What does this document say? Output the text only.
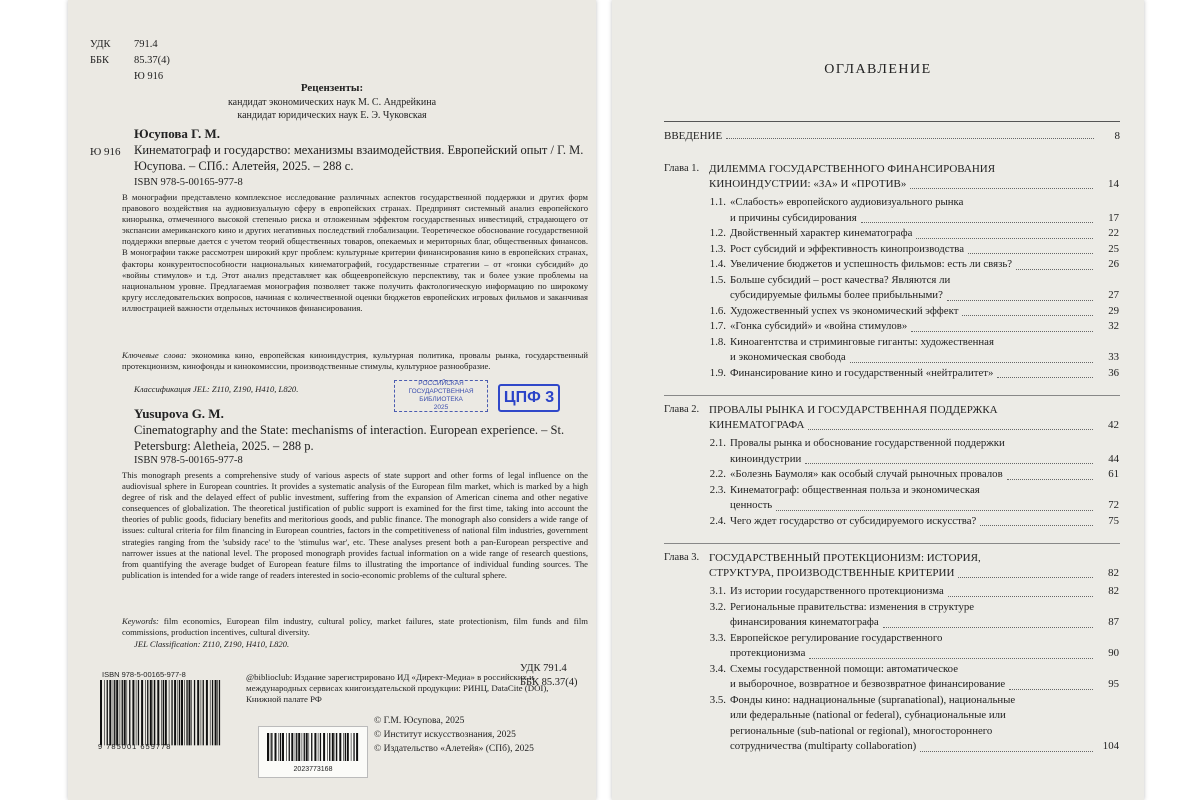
УДК	791.4
ББК	85.37(4)
Ю 916
Рецензенты:
кандидат экономических наук М. С. Андрейкина
кандидат юридических наук Е. Э. Чуковская
Юсупова Г. М.
Ю 916 Кинематограф и государство: механизмы взаимодействия. Европейский опыт / Г. М. Юсупова. – СПб.: Алетейя, 2025. – 288 с.
ISBN 978-5-00165-977-8
В монографии представлено комплексное исследование различных аспектов государственной поддержки и других форм правового воздействия на аудиовизуальную сферу в европейских странах. Предпринят системный анализ европейского кинорынка, отмеченного высокой степенью риска и отложенным эффектом государственных инвестиций, страдающего от экспансии американского кино и других негативных последствий глобализации. Теоретическое обоснование государственной поддержки впервые дается с учетом теорий общественных товаров, опекаемых и мериторных благ, общественных финансов. В монографии также рассмотрен широкий круг проблем: культурные критерии финансирования кино в европейских странах, факторы конкурентоспособности национальных кинематографий, государственные стратегии – от «гонки субсидий» до «войны стимулов» и т.д. Этот анализ представляет как общеевропейскую перспективу, так и более узкие проблемы на национальном уровне. Предлагаемая монография позволяет также получить фактологическую информацию по широкому кругу исследовательских вопросов, начиная с количественной оценки бюджетов европейских игровых фильмов и заканчивая иллюстрацией важности отдельных источников финансирования.
Ключевые слова: экономика кино, европейская киноиндустрия, культурная политика, провалы рынка, государственный протекционизм, кинофонды и кинокомиссии, производственные стимулы, культурное разнообразие.
Классификация JEL: Z110, Z190, H410, L820.
РОССИЙСКАЯ
ГОСУДАРСТВЕННАЯ
БИБЛИОТЕКА
2025
ЦПФ 3
Yusupova G. M.
Cinematography and the State: mechanisms of interaction. European experience. – St. Petersburg: Aletheia, 2025. – 288 p.
ISBN 978-5-00165-977-8
This monograph presents a comprehensive study of various aspects of state support and other forms of legal influence on the audiovisual sphere in European countries. It provides a systematic analysis of the European film market, which is marked by a high degree of risk and the delayed effect of public investment, suffering from the expansion of American cinema and other negative consequences of globalization. The theoretical justification of public support is examined for the first time, taking into account the theories of public goods, fiduciary benefits and meritorious goods, and public finance. The monograph also considers a wide range of issues: cultural criteria for film financing in European countries, factors in the competitiveness of national film industries, government strategies ranging from the 'subsidy race' to the 'stimulus war', etc. These analyses present both a pan-European perspective and narrower issues at the national level. The proposed monograph provides factual information on a wide range of research questions, from quantifying the average budget of European feature films to illustrating the importance of individual funding sources. The publication is intended for a wide range of readers interested in socio-economic problems of the cultural sphere.
Keywords: film economics, European film industry, cultural policy, market failures, state protectionism, film funds and film commissions, production incentives, cultural diversity.
JEL Classification: Z110, Z190, H410, L820.
УДК 791.4
ББК 85.37(4)
ISBN 978-5-00165-977-8
9 785001 659778
@biblioclub: Издание зарегистрировано ИД «Директ-Медиа» в российских и международных сервисах книгоиздательской продукции: РИНЦ, DataCite (DOI), Книжной палате РФ
© Г.М. Юсупова, 2025
© Институт искусствознания, 2025
© Издательство «Алетейя» (СПб), 2025
2023773168
ОГЛАВЛЕНИЕ
ВВЕДЕНИЕ	8
Глава 1. ДИЛЕММА ГОСУДАРСТВЕННОГО ФИНАНСИРОВАНИЯ
КИНОИНДУСТРИИ: «ЗА» И «ПРОТИВ»	14
1.1. «Слабость» европейского аудиовизуального рынка
и причины субсидирования	17
1.2. Двойственный характер кинематографа	22
1.3. Рост субсидий и эффективность кинопроизводства	25
1.4. Увеличение бюджетов и успешность фильмов: есть ли связь?	26
1.5. Больше субсидий – рост качества? Являются ли
субсидируемые фильмы более прибыльными?	27
1.6. Художественный успех vs экономический эффект	29
1.7. «Гонка субсидий» и «война стимулов»	32
1.8. Киноагентства и стриминговые гиганты: художественная
и экономическая свобода	33
1.9. Финансирование кино и государственный «нейтралитет»	36
Глава 2. ПРОВАЛЫ РЫНКА И ГОСУДАРСТВЕННАЯ ПОДДЕРЖКА
КИНЕМАТОГРАФА	42
2.1. Провалы рынка и обоснование государственной поддержки
киноиндустрии	44
2.2. «Болезнь Баумоля» как особый случай рыночных провалов	61
2.3. Кинематограф: общественная польза и экономическая
ценность	72
2.4. Чего ждет государство от субсидируемого искусства?	75
Глава 3. ГОСУДАРСТВЕННЫЙ ПРОТЕКЦИОНИЗМ: ИСТОРИЯ,
СТРУКТУРА, ПРОИЗВОДСТВЕННЫЕ КРИТЕРИИ	82
3.1. Из истории государственного протекционизма	82
3.2. Региональные правительства: изменения в структуре
финансирования кинематографа	87
3.3. Европейское регулирование государственного
протекционизма	90
3.4. Схемы государственной помощи: автоматическое
и выборочное, возвратное и безвозвратное финансирование	95
3.5. Фонды кино: наднациональные (supranational), национальные
или федеральные (national or federal), субнациональные или
региональные (sub-national or regional), многостороннего
сотрудничества (multiparty collaboration)	104
